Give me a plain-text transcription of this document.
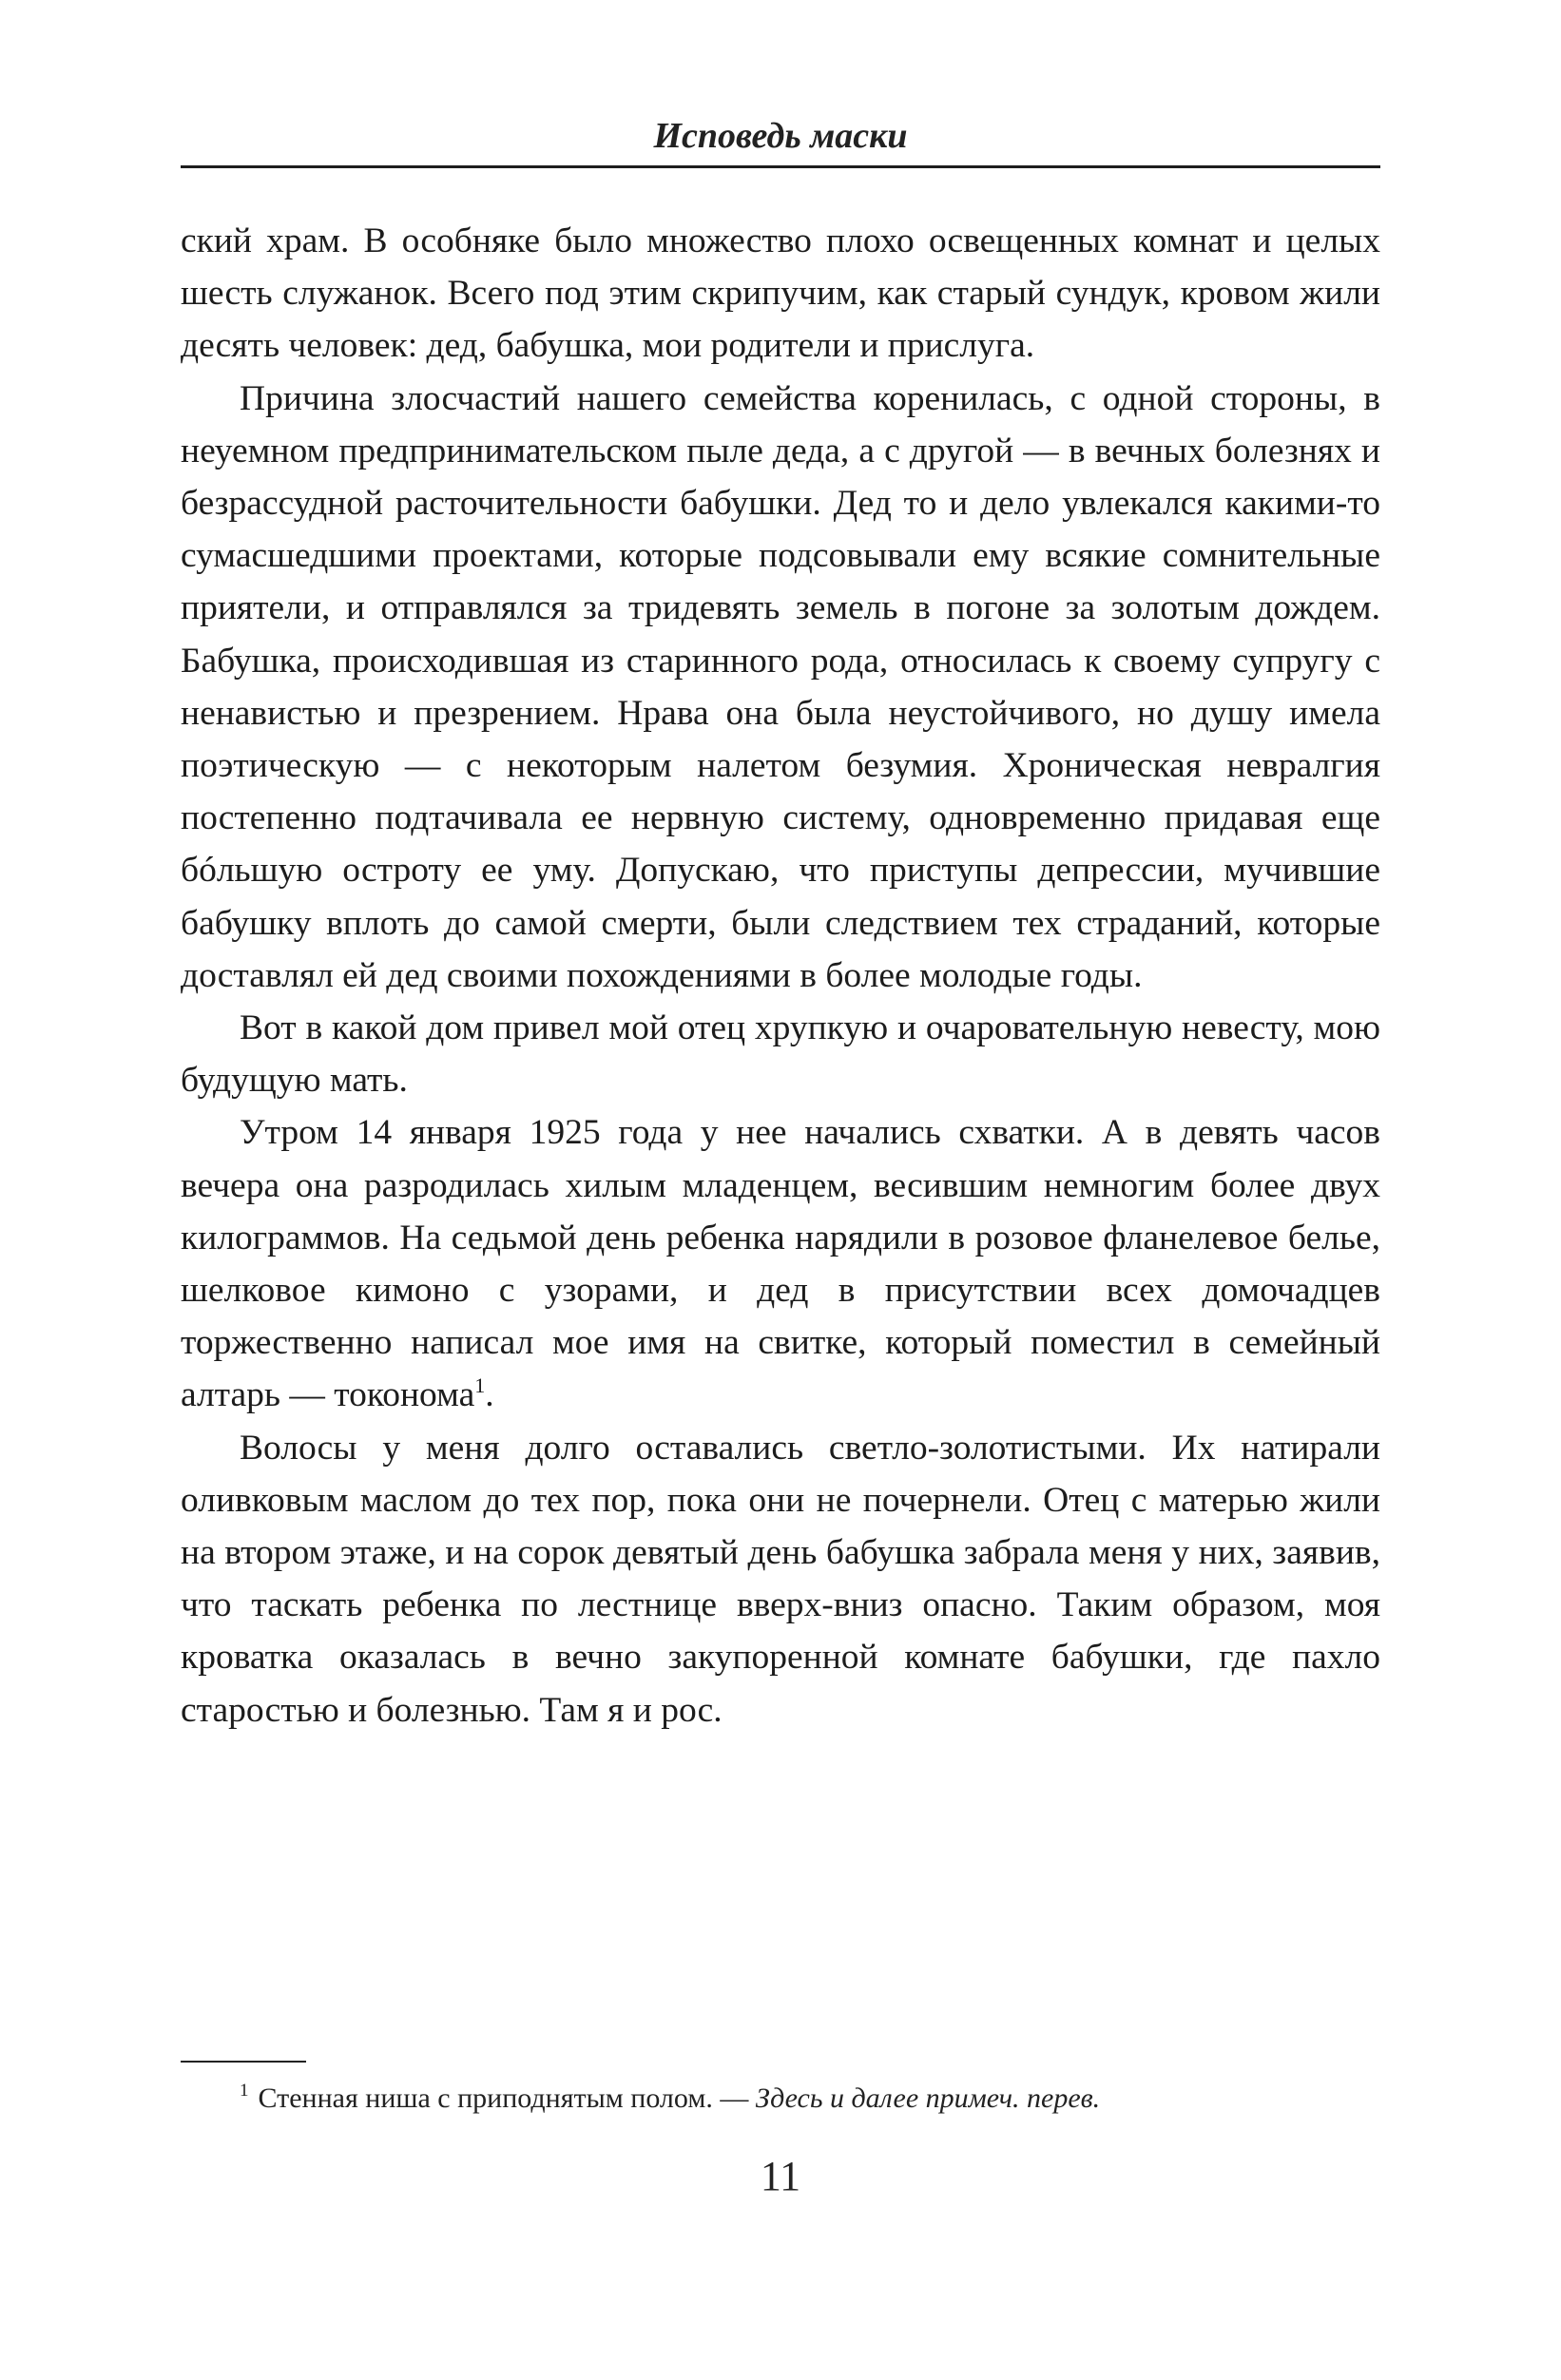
Исповедь маски

ский храм. В особняке было множество плохо освещенных комнат и целых шесть служанок. Всего под этим скрипучим, как старый сундук, кровом жили десять человек: дед, бабушка, мои родители и прислуга.

Причина злосчастий нашего семейства коренилась, с одной стороны, в неуемном предпринимательском пыле деда, а с другой — в вечных болезнях и безрассудной расточительности бабушки. Дед то и дело увлекался какими-то сумасшедшими проектами, которые подсовывали ему всякие сомнительные приятели, и отправлялся за тридевять земель в погоне за золотым дождем. Бабушка, происходившая из старинного рода, относилась к своему супругу с ненавистью и презрением. Нрава она была неустойчивого, но душу имела поэтическую — с некоторым налетом безумия. Хроническая невралгия постепенно подтачивала ее нервную систему, одновременно придавая еще бóльшую остроту ее уму. Допускаю, что приступы депрессии, мучившие бабушку вплоть до самой смерти, были следствием тех страданий, которые доставлял ей дед своими похождениями в более молодые годы.

Вот в какой дом привел мой отец хрупкую и очаровательную невесту, мою будущую мать.

Утром 14 января 1925 года у нее начались схватки. А в девять часов вечера она разродилась хилым младенцем, весившим немногим более двух килограммов. На седьмой день ребенка нарядили в розовое фланелевое белье, шелковое кимоно с узорами, и дед в присутствии всех домочадцев торжественно написал мое имя на свитке, который поместил в семейный алтарь — токонома$^1$.

Волосы у меня долго оставались светло-золотистыми. Их натирали оливковым маслом до тех пор, пока они не почернели. Отец с матерью жили на втором этаже, и на сорок девятый день бабушка забрала меня у них, заявив, что таскать ребенка по лестнице вверх-вниз опасно. Таким образом, моя кроватка оказалась в вечно закупоренной комнате бабушки, где пахло старостью и болезнью. Там я и рос.

$^1$ Стенная ниша с приподнятым полом. — Здесь и далее примеч. перев.
11
